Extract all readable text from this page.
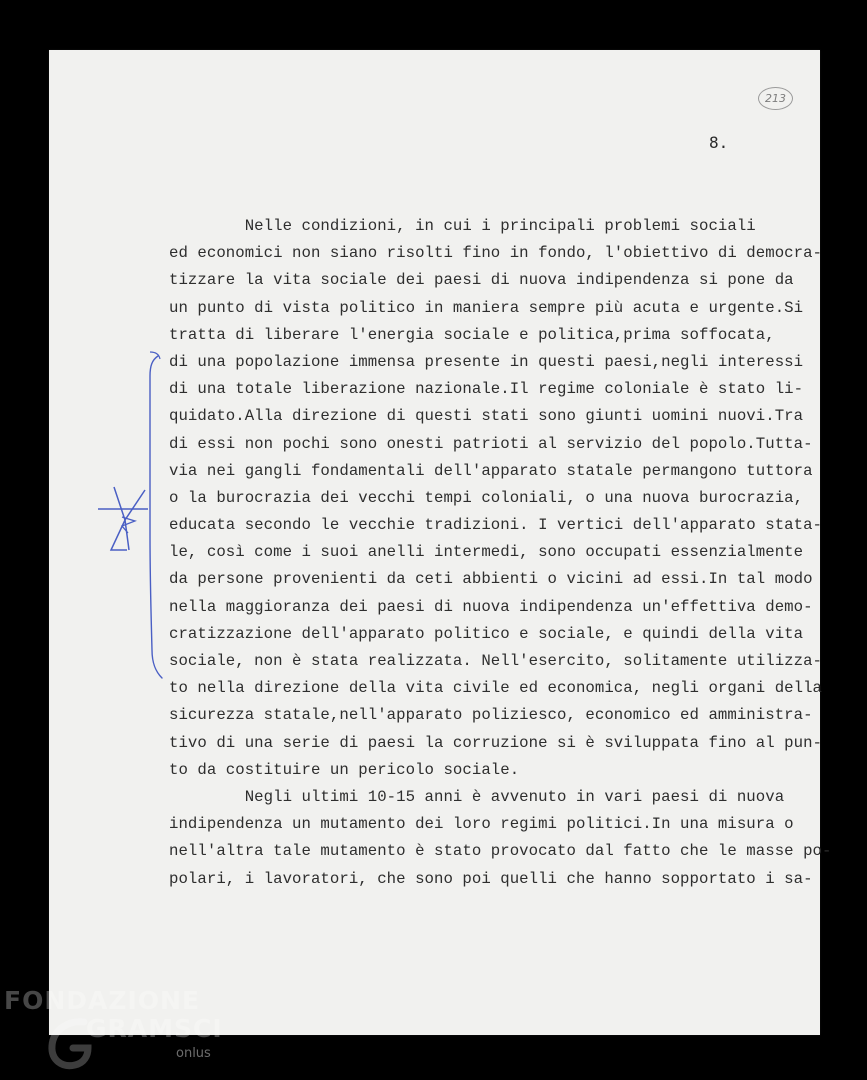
213
8.
Nelle condizioni, in cui i principali problemi sociali
ed economici non siano risolti fino in fondo, l'obiettivo di democra-
tizzare la vita sociale dei paesi di nuova indipendenza si pone da
un punto di vista politico in maniera sempre più acuta e urgente.Si
tratta di liberare l'energia sociale e politica,prima soffocata,
di una popolazione immensa presente in questi paesi,negli interessi
di una totale liberazione nazionale.Il regime coloniale è stato li-
quidato.Alla direzione di questi stati sono giunti uomini nuovi.Tra
di essi non pochi sono onesti patrioti al servizio del popolo.Tutta-
via nei gangli fondamentali dell'apparato statale permangono tuttora
o la burocrazia dei vecchi tempi coloniali, o una nuova burocrazia,
educata secondo le vecchie tradizioni. I vertici dell'apparato stata-
le, così come i suoi anelli intermedi, sono occupati essenzialmente
da persone provenienti da ceti abbienti o vicini ad essi.In tal modo
nella maggioranza dei paesi di nuova indipendenza un'effettiva demo-
cratizzazione dell'apparato politico e sociale, e quindi della vita
sociale, non è stata realizzata. Nell'esercito, solitamente utilizza-
to nella direzione della vita civile ed economica, negli organi della
sicurezza statale,nell'apparato poliziesco, economico ed amministra-
tivo di una serie di paesi la corruzione si è sviluppata fino al pun-
to da costituire un pericolo sociale.
Negli ultimi 10-15 anni è avvenuto in vari paesi di nuova
indipendenza un mutamento dei loro regimi politici.In una misura o
nell'altra tale mutamento è stato provocato dal fatto che le masse po-
polari, i lavoratori, che sono poi quelli che hanno sopportato i sa-
FONDAZIONE
GRAMSCI
onlus
